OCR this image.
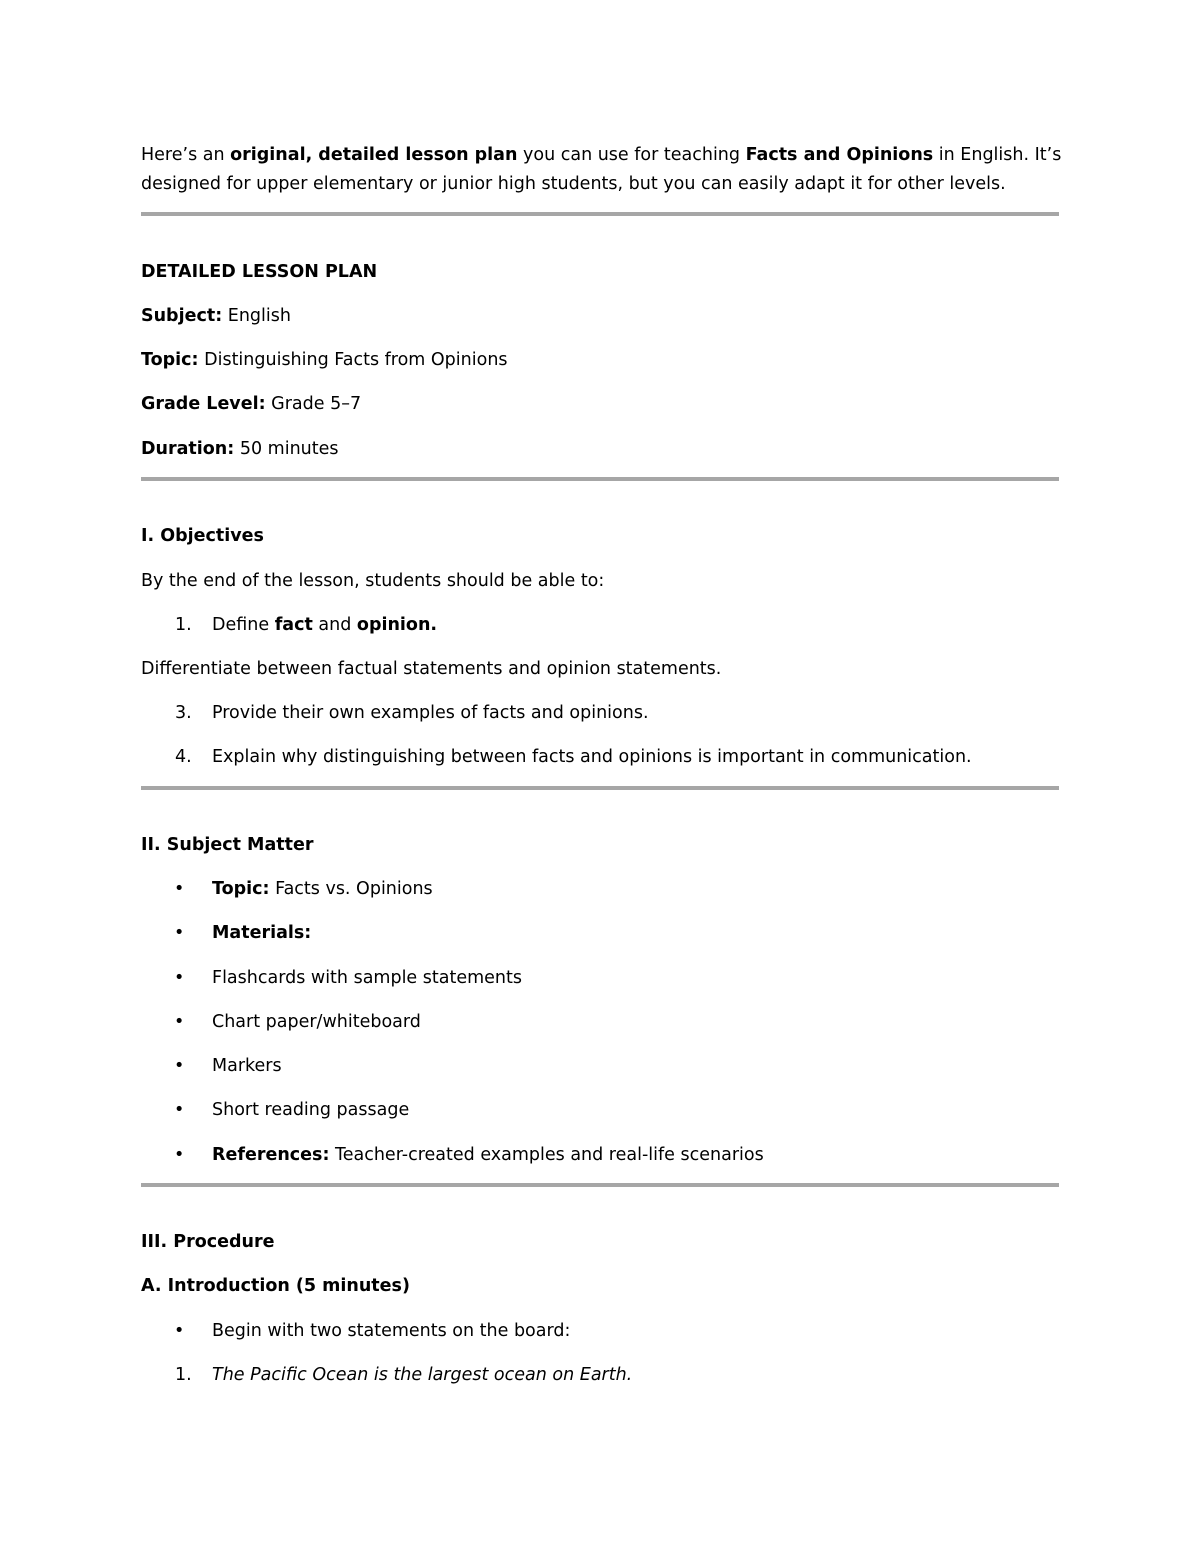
Here’s an original, detailed lesson plan you can use for teaching Facts and Opinions in English. It’s
designed for upper elementary or junior high students, but you can easily adapt it for other levels.
DETAILED LESSON PLAN
Subject: English
Topic: Distinguishing Facts from Opinions
Grade Level: Grade 5–7
Duration: 50 minutes
I. Objectives
By the end of the lesson, students should be able to:
1.	Define fact and opinion.
Differentiate between factual statements and opinion statements.
3.	Provide their own examples of facts and opinions.
4.	Explain why distinguishing between facts and opinions is important in communication.
II. Subject Matter
•	Topic: Facts vs. Opinions
•	Materials:
•	Flashcards with sample statements
•	Chart paper/whiteboard
•	Markers
•	Short reading passage
•	References: Teacher-created examples and real-life scenarios
III. Procedure
A. Introduction (5 minutes)
•	Begin with two statements on the board:
1.	The Pacific Ocean is the largest ocean on Earth.
